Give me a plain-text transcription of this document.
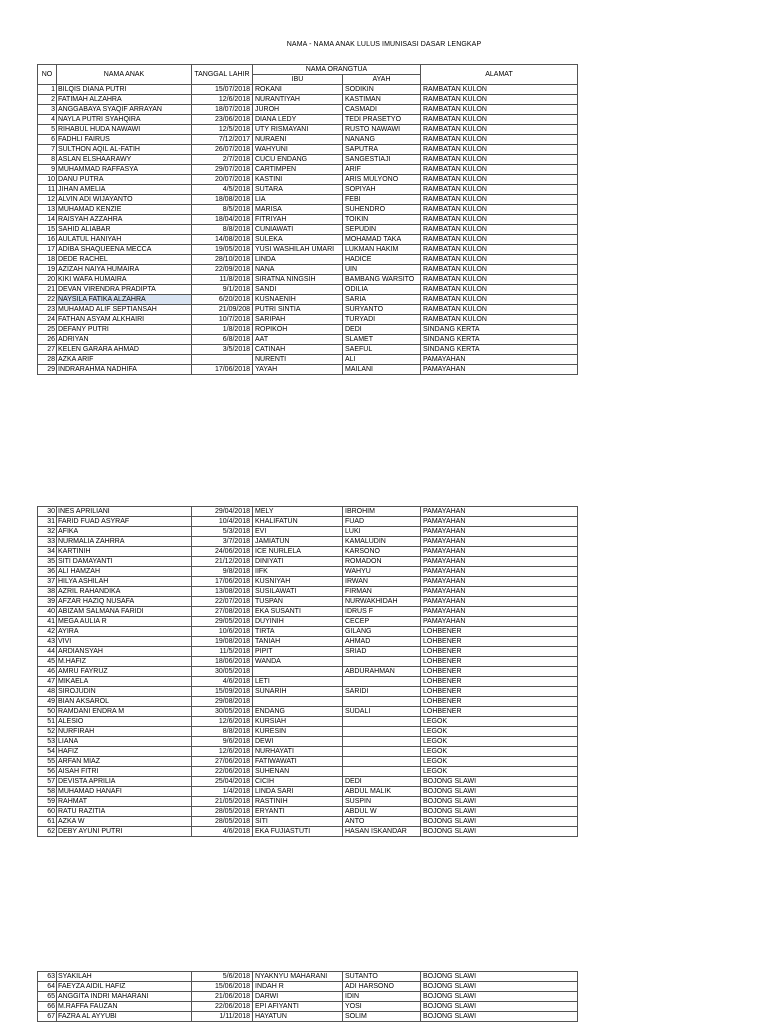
NAMA - NAMA ANAK LULUS IMUNISASI DASAR LENGKAP
NO	NAMA ANAK	TANGGAL LAHIR	NAMA ORANGTUA		ALAMAT
			IBU	AYAH	
1	BILQIS DIANA PUTRI	15/07/2018	ROKANI	SODIKIN	RAMBATAN KULON
2	FATIMAH ALZAHRA	12/6/2018	NURANTIYAH	KASTIMAN	RAMBATAN KULON
3	ANGGABAYA SYAQIF ARRAYAN	18/07/2018	JUROH	CASMADI	RAMBATAN KULON
4	NAYLA PUTRI SYAHQIRA	23/06/2018	DIANA LEDY	TEDI PRASETYO	RAMBATAN KULON
5	RIHABUL HUDA NAWAWI	12/5/2018	UTY RISMAYANI	RUSTO NAWAWI	RAMBATAN KULON
6	FADHLI FAIRUS	7/12/2017	NURAENI	NANANG	RAMBATAN KULON
7	SULTHON AQIL AL-FATIH	26/07/2018	WAHYUNI	SAPUTRA	RAMBATAN KULON
8	ASLAN ELSHAARAWY	2/7/2018	CUCU ENDANG	SANGESTIAJI	RAMBATAN KULON
9	MUHAMMAD RAFFASYA	29/07/2018	CARTIMPEN	ARIF	RAMBATAN KULON
10	DANU PUTRA	20/07/2018	KASTINI	ARIS MULYONO	RAMBATAN KULON
11	JIHAN AMELIA	4/5/2018	SUTARA	SOPIYAH	RAMBATAN KULON
12	ALVIN ADI WIJAYANTO	18/08/2018	LIA	FEBI	RAMBATAN KULON
13	MUHAMAD KENZIE	8/5/2018	MARISA	SUHENDRO	RAMBATAN KULON
14	RAISYAH AZZAHRA	18/04/2018	FITRIYAH	TOIKIN	RAMBATAN KULON
15	SAHID ALIABAR	8/8/2018	CUNIAWATI	SEPUDIN	RAMBATAN KULON
16	AULATUL HANIYAH	14/08/2018	SULEKA	MOHAMAD TAKA	RAMBATAN KULON
17	ADIBA SHAQUEENA MECCA	19/05/2018	YUSI WASHILAH UMARI	LUKMAN HAKIM	RAMBATAN KULON
18	DEDE RACHEL	28/10/2018	LINDA	HADICE	RAMBATAN KULON
19	AZIZAH NAIYA HUMAIRA	22/09/2018	NANA	UIN	RAMBATAN KULON
20	KIKI WAFA HUMAIRA	11/8/2018	SIRATNA NINGSIH	BAMBANG WARSITO	RAMBATAN KULON
21	DEVAN VIRENDRA PRADIPTA	9/1/2018	SANDI	ODILIA	RAMBATAN KULON
22	NAYSILA FATIKA ALZAHRA	6/20/2018	KUSNAENIH	SARIA	RAMBATAN KULON
23	MUHAMAD ALIF SEPTIANSAH	21/09/208	PUTRI SINTIA	SURYANTO	RAMBATAN KULON
24	FATHAN ASYAM ALKHAIRI	10/7/2018	SARIPAH	TURYADI	RAMBATAN KULON
25	DEFANY PUTRI	1/8/2018	ROPIKOH	DEDI	SINDANG KERTA
26	ADRIYAN	6/8/2018	AAT	SLAMET	SINDANG KERTA
27	KELEN GARARA AHMAD	3/5/2018	CATINAH	SAEFUL	SINDANG KERTA
28	AZKA ARIF		NURENTI	ALI	PAMAYAHAN
29	INDRARAHMA NADHIFA	17/06/2018	YAYAH	MAILANI	PAMAYAHAN
30	INES APRILIANI	29/04/2018	MELY	IBROHIM	PAMAYAHAN
31	FARID FUAD ASYRAF	10/4/2018	KHALIFATUN	FUAD	PAMAYAHAN
32	AFIKA	5/3/2018	EVI	LUKI	PAMAYAHAN
33	NURMALIA ZAHRRA	3/7/2018	JAMIATUN	KAMALUDIN	PAMAYAHAN
34	KARTINIH	24/06/2018	ICE NURLELA	KARSONO	PAMAYAHAN
35	SITI DAMAYANTI	21/12/2018	DINIYATI	ROMADON	PAMAYAHAN
36	ALI HAMZAH	9/8/2018	IIFK	WAHYU	PAMAYAHAN
37	HILYA ASHILAH	17/06/2018	KUSNIYAH	IRWAN	PAMAYAHAN
38	AZRIL RAHANDIKA	13/08/2018	SUSILAWATI	FIRMAN	PAMAYAHAN
39	AFZAR HAZIQ NUSAFA	22/07/2018	TUSPAN	NURWAKHIDAH	PAMAYAHAN
40	ABIZAM SALMANA FARIDI	27/08/2018	EKA SUSANTI	IDRUS F	PAMAYAHAN
41	MEGA AULIA R	29/05/2018	DUYINIH	CECEP	PAMAYAHAN
42	AYIRA	10/6/2018	TIRTA	GILANG	LOHBENER
43	VIVI	19/08/2018	TANIAH	AHMAD	LOHBENER
44	ARDIANSYAH	11/5/2018	PIPIT	SRIAD	LOHBENER
45	M.HAFIZ	18/06/2018	WANDA		LOHBENER
46	AMRU FAYRUZ	30/05/2018		ABDURAHMAN	LOHBENER
47	MIKAELA	4/6/2018	LETI		LOHBENER
48	SIROJUDIN	15/09/2018	SUNARIH	SARIDI	LOHBENER
49	BIAN AKSAROL	29/08/2018			LOHBENER
50	RAMDANI ENDRA M	30/05/2018	ENDANG	SUDALI	LOHBENER
51	ALESIO	12/6/2018	KURSIAH		LEGOK
52	NURFIRAH	8/8/2018	KURESIN		LEGOK
53	LIANA	9/6/2018	DEWI		LEGOK
54	HAFIZ	12/6/2018	NURHAYATI		LEGOK
55	ARFAN MIAZ	27/06/2018	FATIWAWATI		LEGOK
56	AISAH FITRI	22/06/2018	SUHENAN		LEGOK
57	DEVISTA APRILIA	25/04/2018	CICIH	DEDI	BOJONG SLAWI
58	MUHAMAD HANAFI	1/4/2018	LINDA SARI	ABDUL MALIK	BOJONG SLAWI
59	RAHMAT	21/05/2018	RASTINIH	SUSPIN	BOJONG SLAWI
60	RATU RAZITIA	28/05/2018	ERYANTI	ABDUL W	BOJONG SLAWI
61	AZKA W	28/05/2018	SITI	ANTO	BOJONG SLAWI
62	DEBY AYUNI PUTRI	4/6/2018	EKA FUJIASTUTI	HASAN ISKANDAR	BOJONG SLAWI
63	SYAKILAH	5/6/2018	NYAKNYU MAHARANI	SUTANTO	BOJONG SLAWI
64	FAEYZA AIDIL HAFIZ	15/06/2018	INDAH R	ADI HARSONO	BOJONG SLAWI
65	ANGGITA INDRI MAHARANI	21/06/2018	DARWI	IDIN	BOJONG SLAWI
66	M.RAFFA FAUZAN	22/06/2018	EPI AFIYANTI	YOSI	BOJONG SLAWI
67	FAZRA AL AYYUBI	1/11/2018	HAYATUN	SOLIM	BOJONG SLAWI
